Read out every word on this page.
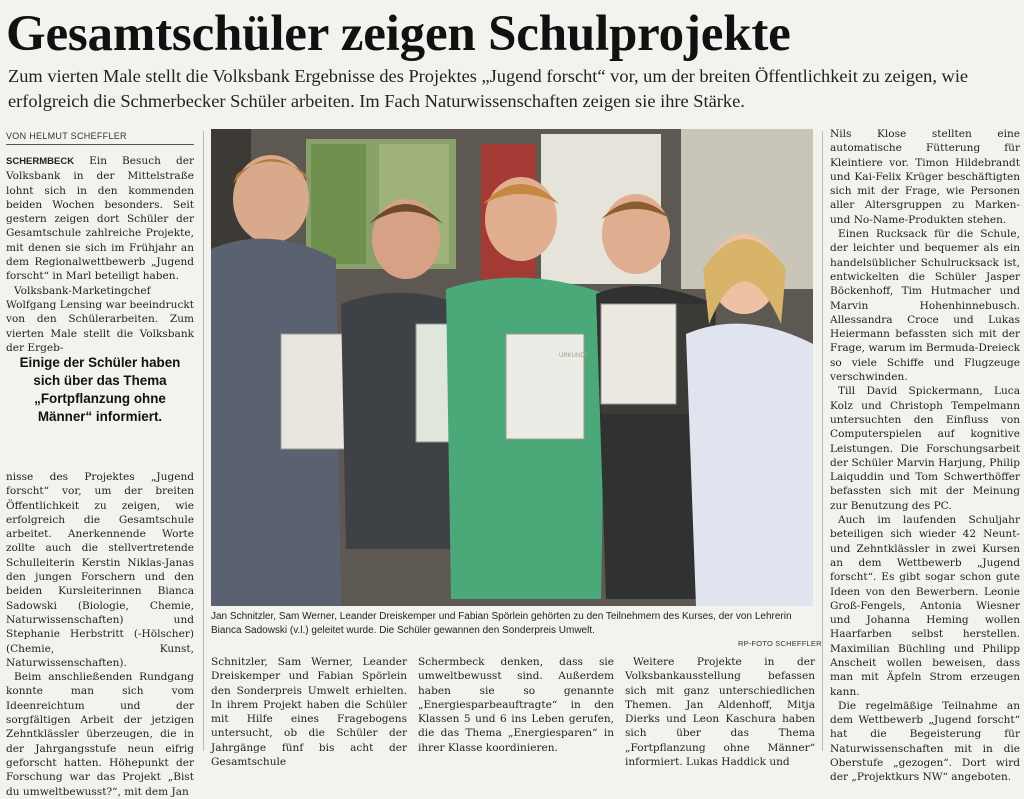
Gesamtschüler zeigen Schulprojekte

Zum vierten Male stellt die Volksbank Ergebnisse des Projektes „Jugend forscht“ vor, um der breiten Öffentlichkeit zu zeigen, wie erfolgreich die Schmerbecker Schüler arbeiten. Im Fach Naturwissenschaften zeigen sie ihre Stärke.

VON HELMUT SCHEFFLER

SCHERMBECK Ein Besuch der Volksbank in der Mittelstraße lohnt sich in den kommenden beiden Wochen besonders. Seit gestern zeigen dort Schüler der Gesamtschule zahlreiche Projekte, mit denen sie sich im Frühjahr an dem Regionalwettbewerb „Jugend forscht“ in Marl beteiligt haben.

Volksbank-Marketingchef Wolfgang Lensing war beeindruckt von den Schülerarbeiten. Zum vierten Male stellt die Volksbank der Ergeb-

Einige der Schüler haben sich über das Thema „Fortpflanzung ohne Männer“ informiert.

nisse des Projektes „Jugend forscht“ vor, um der breiten Öffentlichkeit zu zeigen, wie erfolgreich die Gesamtschule arbeitet. Anerkennende Worte zollte auch die stellvertretende Schulleiterin Kerstin Niklas-Janas den jungen Forschern und den beiden Kursleiterinnen Bianca Sadowski (Biologie, Chemie, Naturwissenschaften) und Stephanie Herbstritt (-Hölscher) (Chemie, Kunst, Naturwissenschaften).

Beim anschließenden Rundgang konnte man sich vom Ideenreichtum und der sorgfältigen Arbeit der jetzigen Zehntklässler überzeugen, die in der Jahrgangsstufe neun eifrig geforscht hatten. Höhepunkt der Forschung war das Projekt „Bist du umweltbewusst?“, mit dem Jan

URKUNDE
Jan Schnitzler, Sam Werner, Leander Dreiskemper und Fabian Spörlein gehörten zu den Teilnehmern des Kurses, der von Lehrerin Bianca Sadowski (v.l.) geleitet wurde. Die Schüler gewannen den Sonderpreis Umwelt.
RP-FOTO SCHEFFLER

Schnitzler, Sam Werner, Leander Dreiskemper und Fabian Spörlein den Sonderpreis Umwelt erhielten. In ihrem Projekt haben die Schüler mit Hilfe eines Fragebogens untersucht, ob die Schüler der Jahrgänge fünf bis acht der Gesamtschule

Schermbeck denken, dass sie umweltbewusst sind. Außerdem haben sie so genannte „Energiesparbeauftragte“ in den Klassen 5 und 6 ins Leben gerufen, die das Thema „Energiesparen“ in ihrer Klasse koordinieren.

Weitere Projekte in der Volksbankausstellung befassen sich mit ganz unterschiedlichen Themen. Jan Aldenhoff, Mitja Dierks und Leon Kaschura haben sich über das Thema „Fortpflanzung ohne Männer“ informiert. Lukas Haddick und

Nils Klose stellten eine automatische Fütterung für Kleintiere vor. Timon Hildebrandt und Kai-Felix Krüger beschäftigten sich mit der Frage, wie Personen aller Altersgruppen zu Marken- und No-Name-Produkten stehen.

Einen Rucksack für die Schule, der leichter und bequemer als ein handelsüblicher Schulrucksack ist, entwickelten die Schüler Jasper Böckenhoff, Tim Hutmacher und Marvin Hohenhinnebusch. Allessandra Croce und Lukas Heiermann befassten sich mit der Frage, warum im Bermuda-Dreieck so viele Schiffe und Flugzeuge verschwinden.

Till David Spickermann, Luca Kolz und Christoph Tempelmann untersuchten den Einfluss von Computerspielen auf kognitive Leistungen. Die Forschungsarbeit der Schüler Marvin Harjung, Philip Laiquddin und Tom Schwerthöffer befassten sich mit der Meinung zur Benutzung des PC.

Auch im laufenden Schuljahr beteiligen sich wieder 42 Neunt- und Zehntklässler in zwei Kursen an dem Wettbewerb „Jugend forscht“. Es gibt sogar schon gute Ideen von den Bewerbern. Leonie Groß-Fengels, Antonia Wiesner und Johanna Heming wollen Haarfarben selbst herstellen. Maximilian Büchling und Philipp Anscheit wollen beweisen, dass man mit Äpfeln Strom erzeugen kann.

Die regelmäßige Teilnahme an dem Wettbewerb „Jugend forscht“ hat die Begeisterung für Naturwissenschaften mit in die Oberstufe „gezogen“. Dort wird der „Projektkurs NW“ angeboten.
